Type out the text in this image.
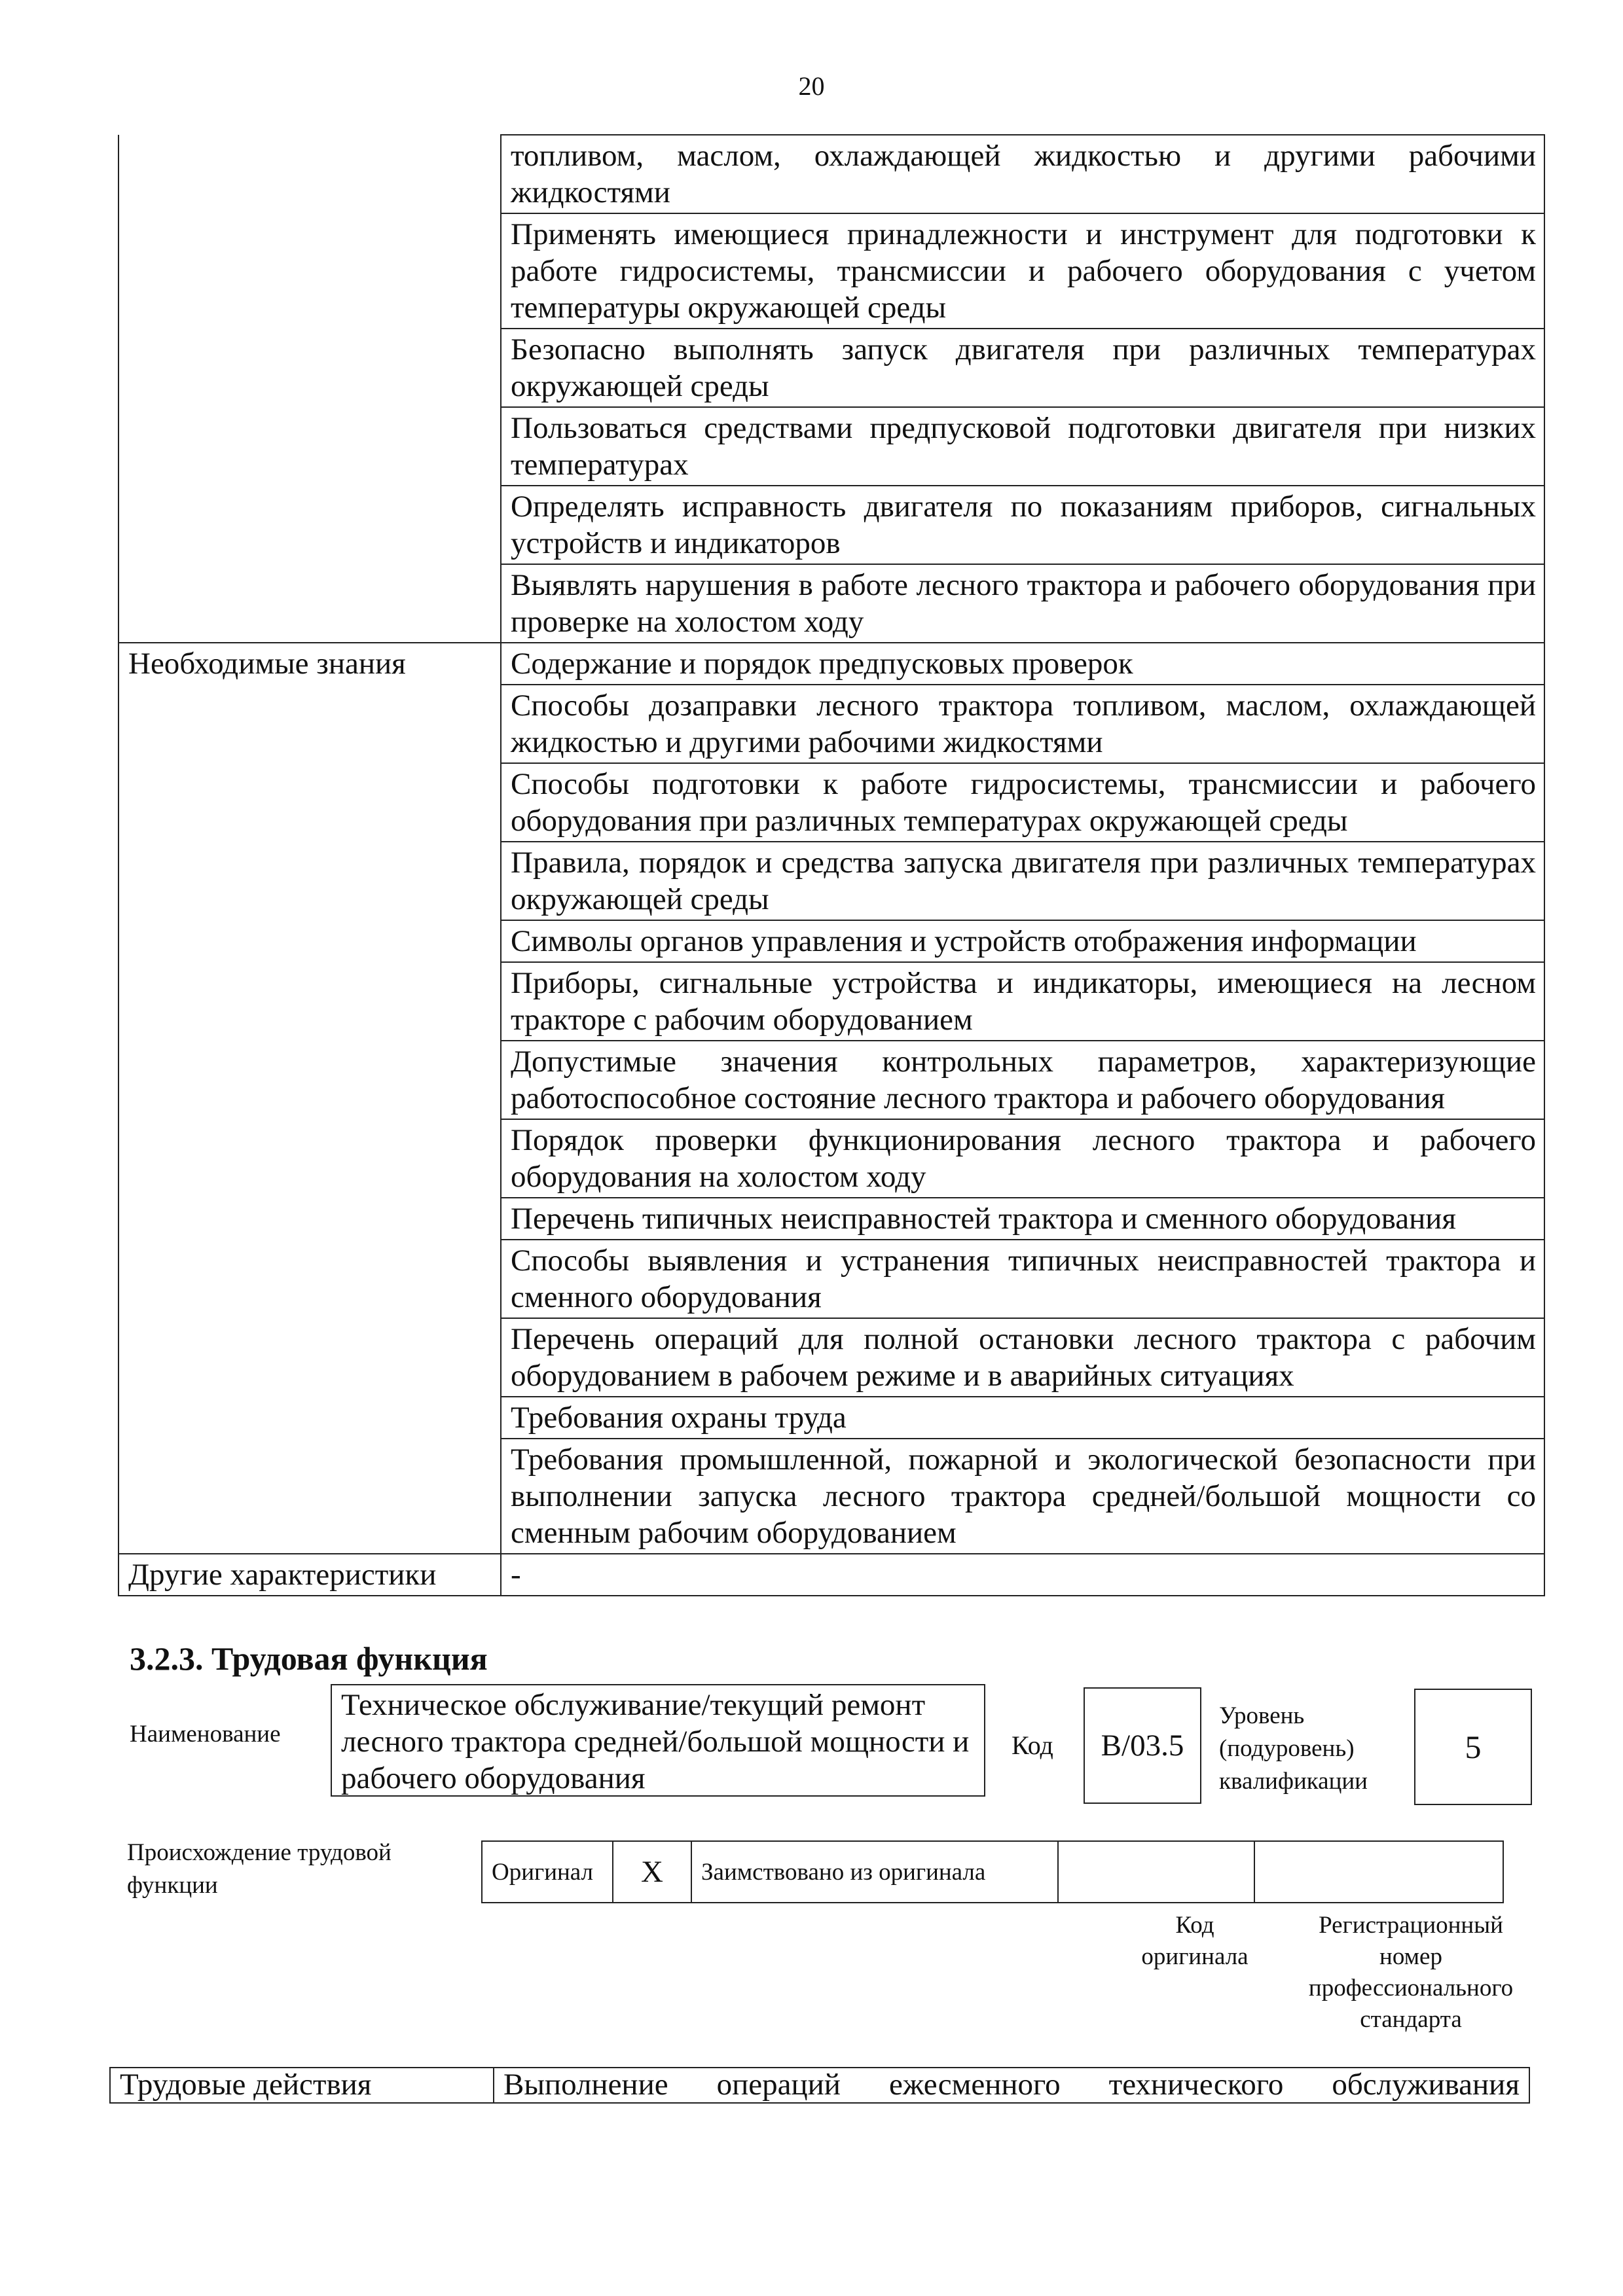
20
	топливом, маслом, охлаждающей жидкостью и другими рабочими жидкостями
	Применять имеющиеся принадлежности и инструмент для подготовки к работе гидросистемы, трансмиссии и рабочего оборудования с учетом температуры окружающей среды
	Безопасно выполнять запуск двигателя при различных температурах окружающей среды
	Пользоваться средствами предпусковой подготовки двигателя при низких температурах
	Определять исправность двигателя по показаниям приборов, сигнальных устройств и индикаторов
	Выявлять нарушения в работе лесного трактора и рабочего оборудования при проверке на холостом ходу
Необходимые знания	Содержание и порядок предпусковых проверок
	Способы дозаправки лесного трактора топливом, маслом, охлаждающей жидкостью и другими рабочими жидкостями
	Способы подготовки к работе гидросистемы, трансмиссии и рабочего оборудования при различных температурах окружающей среды
	Правила, порядок и средства запуска двигателя при различных температурах окружающей среды
	Символы органов управления и устройств отображения информации
	Приборы, сигнальные устройства и индикаторы, имеющиеся на лесном тракторе с рабочим оборудованием
	Допустимые значения контрольных параметров, характеризующие работоспособное состояние лесного трактора и рабочего оборудования
	Порядок проверки функционирования лесного трактора и рабочего оборудования на холостом ходу
	Перечень типичных неисправностей трактора и сменного оборудования
	Способы выявления и устранения типичных неисправностей трактора и сменного оборудования
	Перечень операций для полной остановки лесного трактора с рабочим оборудованием в рабочем режиме и в аварийных ситуациях
	Требования охраны труда
	Требования промышленной, пожарной и экологической безопасности при выполнении запуска лесного трактора средней/большой мощности со сменным рабочим оборудованием
Другие характеристики	-
3.2.3. Трудовая функция
Наименование
Техническое обслуживание/текущий ремонт лесного трактора средней/большой мощности и рабочего оборудования
Код	B/03.5
Уровень
(подуровень)
квалификации
5
Происхождение трудовой
функции	Оригинал	X	Заимствовано из оригинала		
Код
оригинала
Регистрационный
номер
профессионального
стандарта
Трудовые действия	Выполнение операций ежесменного технического обслуживания
